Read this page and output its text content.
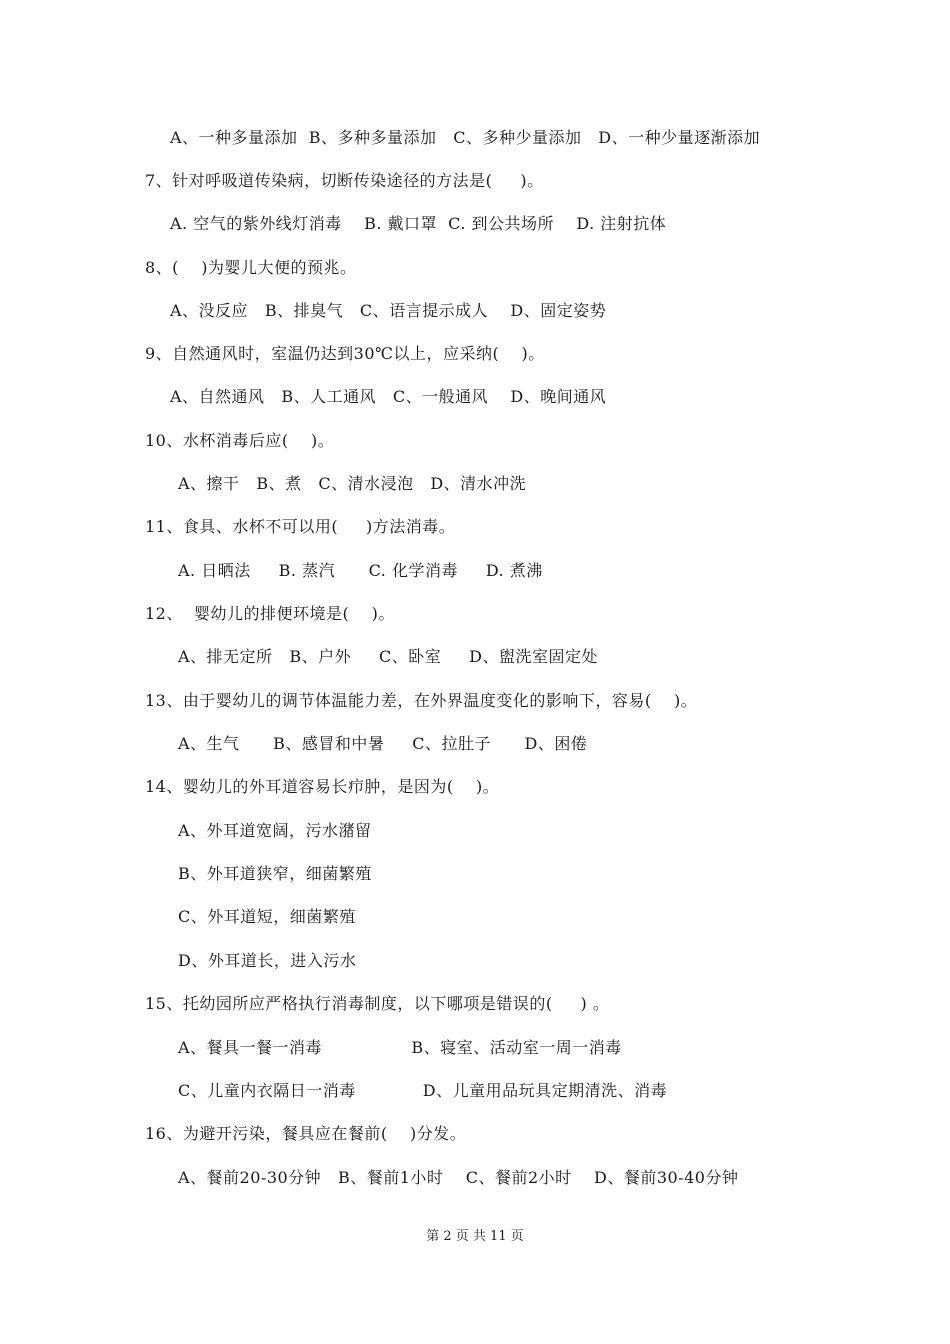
A、一种多量添加  B、多种多量添加   C、多种少量添加   D、一种少量逐渐添加
7、针对呼吸道传染病，切断传染途径的方法是(     )。
A. 空气的紫外线灯消毒    B. 戴口罩  C. 到公共场所    D. 注射抗体
8、(    )为婴儿大便的预兆。
A、没反应   B、排臭气   C、语言提示成人    D、固定姿势
9、自然通风时，室温仍达到30℃以上，应采纳(    )。
A、自然通风   B、人工通风   C、一般通风    D、晚间通风
10、水杯消毒后应(    )。
A、擦干   B、煮   C、清水浸泡   D、清水冲洗
11、食具、水杯不可以用(     )方法消毒。
A. 日晒法     B. 蒸汽      C. 化学消毒     D. 煮沸
12、  婴幼儿的排便环境是(    )。
A、排无定所   B、户外     C、卧室     D、盥洗室固定处
13、由于婴幼儿的调节体温能力差，在外界温度变化的影响下，容易(    )。
A、生气      B、感冒和中暑     C、拉肚子      D、困倦
14、婴幼儿的外耳道容易长疖肿，是因为(    )。
A、外耳道宽阔，污水潴留
B、外耳道狭窄，细菌繁殖
C、外耳道短，细菌繁殖
D、外耳道长，进入污水
15、托幼园所应严格执行消毒制度，以下哪项是错误的(     ) 。
A、餐具一餐一消毒                B、寝室、活动室一周一消毒
C、儿童内衣隔日一消毒            D、儿童用品玩具定期清洗、消毒
16、为避开污染，餐具应在餐前(    )分发。
A、餐前20-30分钟   B、餐前1小时    C、餐前2小时    D、餐前30-40分钟
第 2 页 共 11 页
